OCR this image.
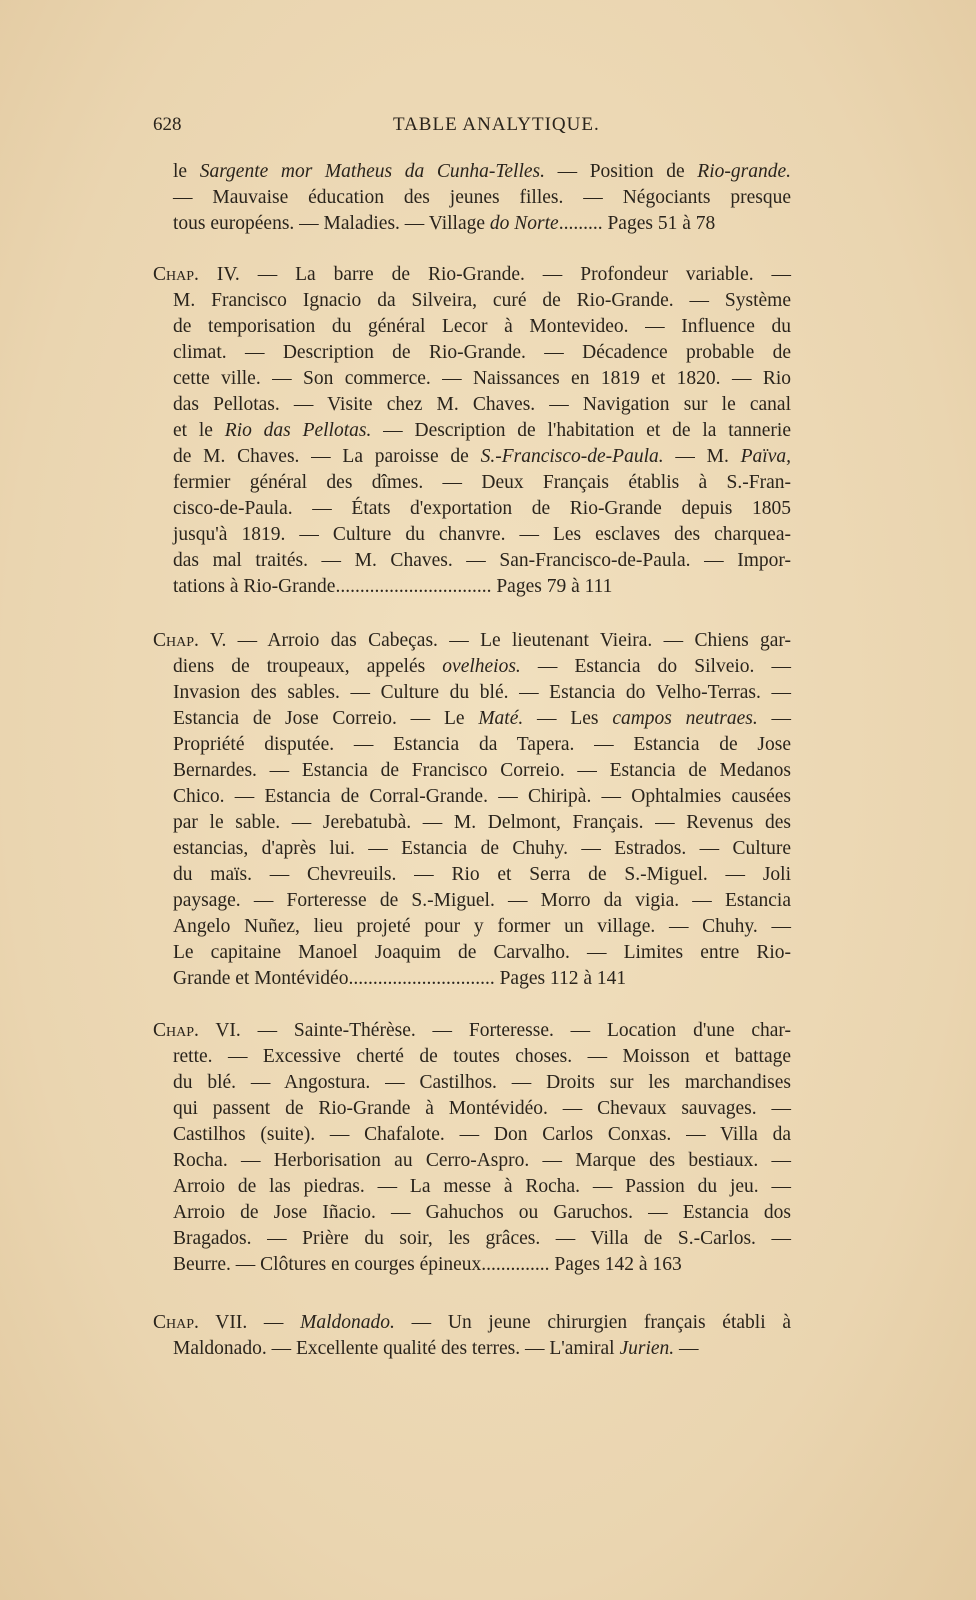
628	TABLE ANALYTIQUE.
le Sargente mor Matheus da Cunha-Telles. — Position de Rio-grande.
— Mauvaise éducation des jeunes filles. — Négociants presque
tous européens. — Maladies. — Village do Norte......... Pages 51 à 78
Chap. IV. — La barre de Rio-Grande. — Profondeur variable. —
M. Francisco Ignacio da Silveira, curé de Rio-Grande. — Système
de temporisation du général Lecor à Montevideo. — Influence du
climat. — Description de Rio-Grande. — Décadence probable de
cette ville. — Son commerce. — Naissances en 1819 et 1820. — Rio
das Pellotas. — Visite chez M. Chaves. — Navigation sur le canal
et le Rio das Pellotas. — Description de l'habitation et de la tannerie
de M. Chaves. — La paroisse de S.-Francisco-de-Paula. — M. Païva,
fermier général des dîmes. — Deux Français établis à S.-Fran-
cisco-de-Paula. — États d'exportation de Rio-Grande depuis 1805
jusqu'à 1819. — Culture du chanvre. — Les esclaves des charquea-
das mal traités. — M. Chaves. — San-Francisco-de-Paula. — Impor-
tations à Rio-Grande................................ Pages 79 à 111
Chap. V. — Arroio das Cabeças. — Le lieutenant Vieira. — Chiens gar-
diens de troupeaux, appelés ovelheios. — Estancia do Silveio. —
Invasion des sables. — Culture du blé. — Estancia do Velho-Terras. —
Estancia de Jose Correio. — Le Maté. — Les campos neutraes. —
Propriété disputée. — Estancia da Tapera. — Estancia de Jose
Bernardes. — Estancia de Francisco Correio. — Estancia de Medanos
Chico. — Estancia de Corral-Grande. — Chiripà. — Ophtalmies causées
par le sable. — Jerebatubà. — M. Delmont, Français. — Revenus des
estancias, d'après lui. — Estancia de Chuhy. — Estrados. — Culture
du maïs. — Chevreuils. — Rio et Serra de S.-Miguel. — Joli
paysage. — Forteresse de S.-Miguel. — Morro da vigia. — Estancia
Angelo Nuñez, lieu projeté pour y former un village. — Chuhy. —
Le capitaine Manoel Joaquim de Carvalho. — Limites entre Rio-
Grande et Montévidéo.............................. Pages 112 à 141
Chap. VI. — Sainte-Thérèse. — Forteresse. — Location d'une char-
rette. — Excessive cherté de toutes choses. — Moisson et battage
du blé. — Angostura. — Castilhos. — Droits sur les marchandises
qui passent de Rio-Grande à Montévidéo. — Chevaux sauvages. —
Castilhos (suite). — Chafalote. — Don Carlos Conxas. — Villa da
Rocha. — Herborisation au Cerro-Aspro. — Marque des bestiaux. —
Arroio de las piedras. — La messe à Rocha. — Passion du jeu. —
Arroio de Jose Iñacio. — Gahuchos ou Garuchos. — Estancia dos
Bragados. — Prière du soir, les grâces. — Villa de S.-Carlos. —
Beurre. — Clôtures en courges épineux.............. Pages 142 à 163
Chap. VII. — Maldonado. — Un jeune chirurgien français établi à
Maldonado. — Excellente qualité des terres. — L'amiral Jurien. —
